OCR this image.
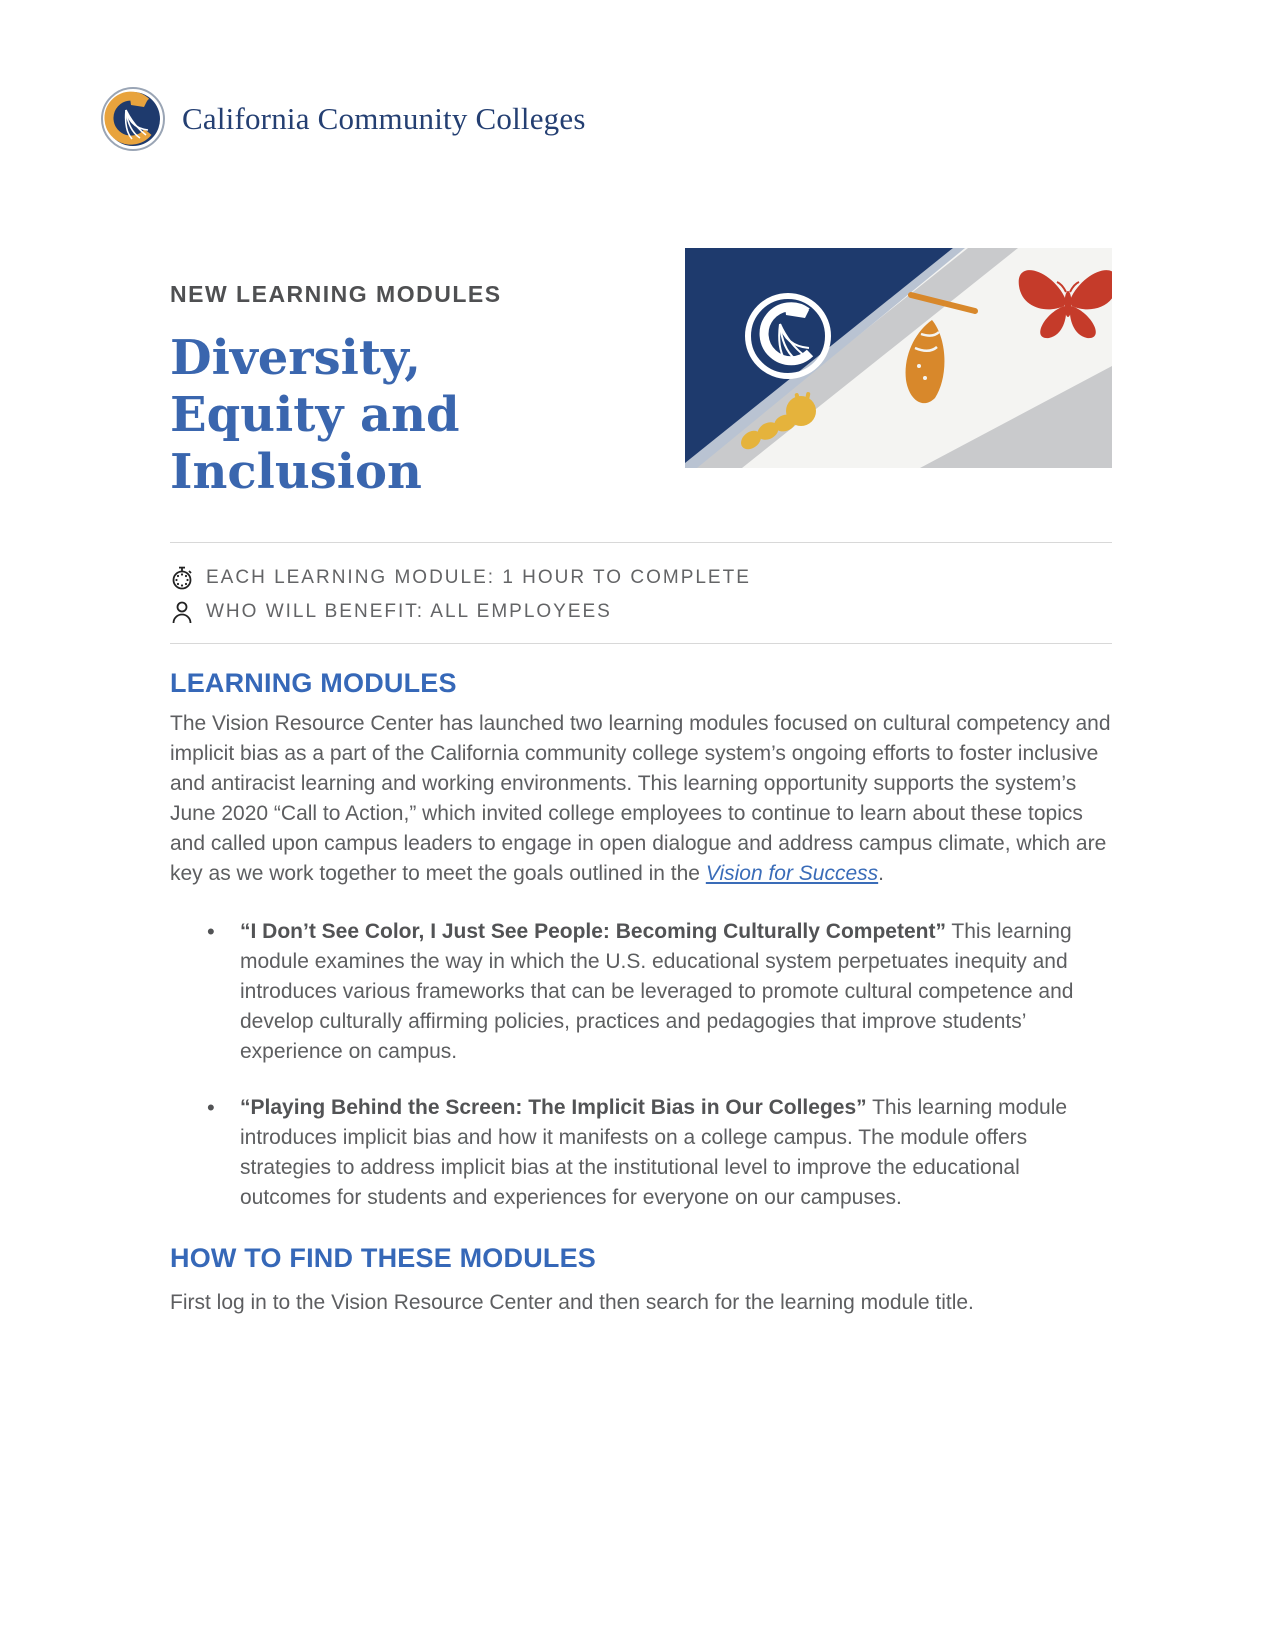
California Community Colleges
NEW LEARNING MODULES
Diversity,
Equity and
Inclusion
EACH LEARNING MODULE: 1 HOUR TO COMPLETE
WHO WILL BENEFIT: ALL EMPLOYEES
LEARNING MODULES

The Vision Resource Center has launched two learning modules focused on cultural competency and implicit bias as a part of the California community college system’s ongoing efforts to foster inclusive and antiracist learning and working environments. This learning opportunity supports the system’s June 2020 “Call to Action,” which invited college employees to continue to learn about these topics and called upon campus leaders to engage in open dialogue and address campus climate, which are key as we work together to meet the goals outlined in the Vision for Success.

• “I Don’t See Color, I Just See People: Becoming Culturally Competent” This learning module examines the way in which the U.S. educational system perpetuates inequity and introduces various frameworks that can be leveraged to promote cultural competence and develop culturally affirming policies, practices and pedagogies that improve students’ experience on campus.
• “Playing Behind the Screen: The Implicit Bias in Our Colleges” This learning module introduces implicit bias and how it manifests on a college campus. The module offers strategies to address implicit bias at the institutional level to improve the educational outcomes for students and experiences for everyone on our campuses.
HOW TO FIND THESE MODULES

First log in to the Vision Resource Center and then search for the learning module title.
